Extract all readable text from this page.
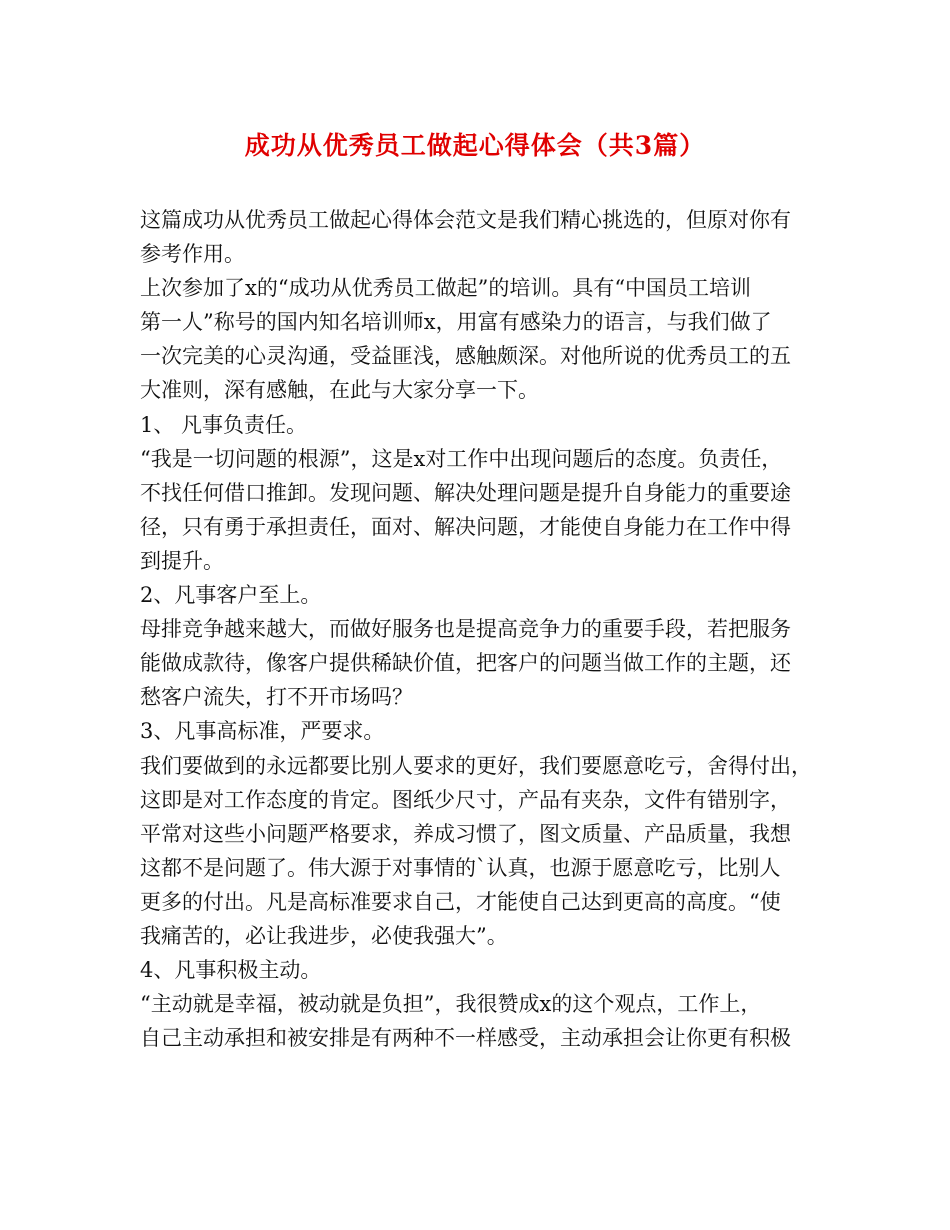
成功从优秀员工做起心得体会（共3篇）
这篇成功从优秀员工做起心得体会范文是我们精心挑选的，但原对你有
参考作用。
上次参加了x的“成功从优秀员工做起”的培训。具有“中国员工培训
第一人”称号的国内知名培训师x，用富有感染力的语言，与我们做了
一次完美的心灵沟通，受益匪浅，感触颇深。对他所说的优秀员工的五
大准则，深有感触，在此与大家分享一下。
1、 凡事负责任。
“我是一切问题的根源”，这是x对工作中出现问题后的态度。负责任，
不找任何借口推卸。发现问题、解决处理问题是提升自身能力的重要途
径，只有勇于承担责任，面对、解决问题，才能使自身能力在工作中得
到提升。
2、凡事客户至上。
母排竞争越来越大，而做好服务也是提高竞争力的重要手段，若把服务
能做成款待，像客户提供稀缺价值，把客户的问题当做工作的主题，还
愁客户流失，打不开市场吗？
3、凡事高标准，严要求。
我们要做到的永远都要比别人要求的更好，我们要愿意吃亏，舍得付出，
这即是对工作态度的肯定。图纸少尺寸，产品有夹杂，文件有错别字，
平常对这些小问题严格要求，养成习惯了，图文质量、产品质量，我想
这都不是问题了。伟大源于对事情的`认真，也源于愿意吃亏，比别人
更多的付出。凡是高标准要求自己，才能使自己达到更高的高度。“使
我痛苦的，必让我进步，必使我强大”。
4、凡事积极主动。
“主动就是幸福，被动就是负担”，我很赞成x的这个观点，工作上，
自己主动承担和被安排是有两种不一样感受，主动承担会让你更有积极
